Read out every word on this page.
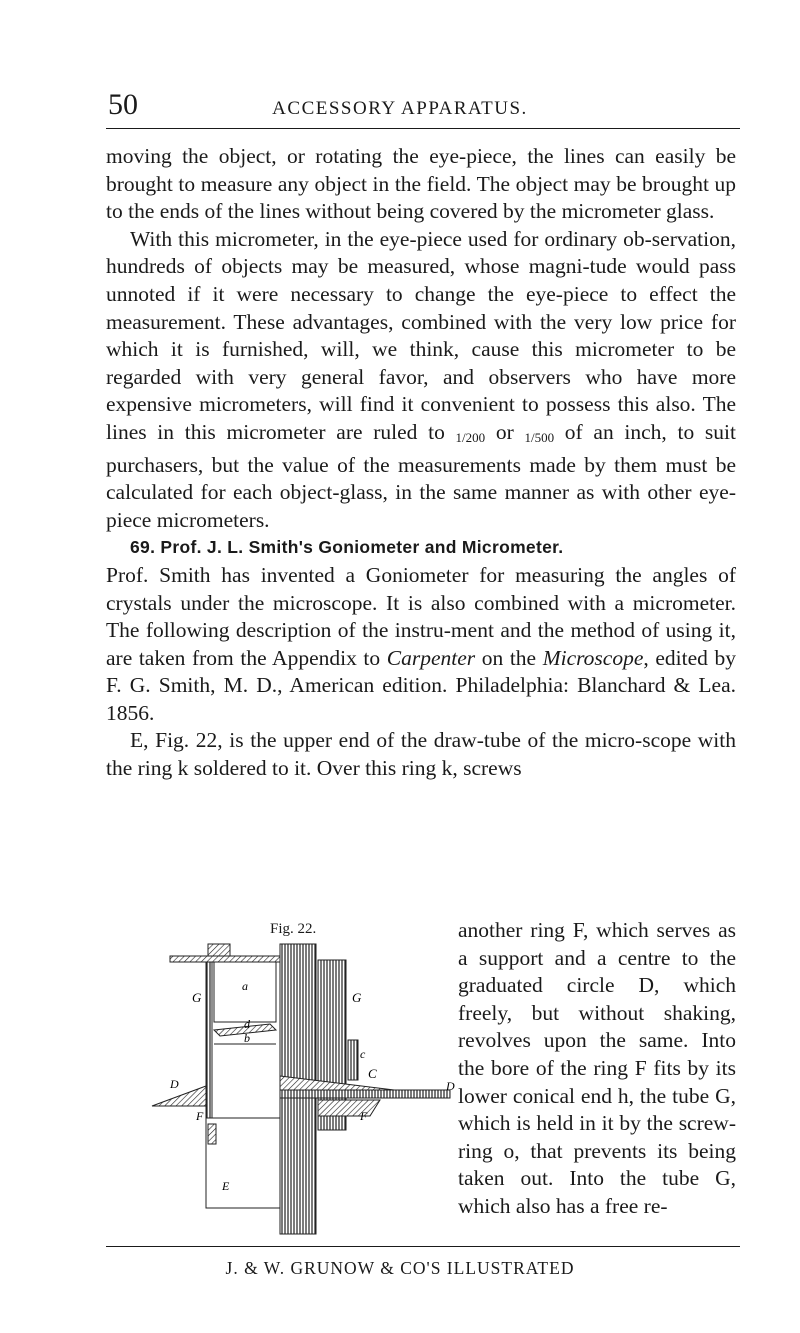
50	ACCESSORY APPARATUS.

moving the object, or rotating the eye-piece, the lines can easily be brought to measure any object in the field. The object may be brought up to the ends of the lines without being covered by the micrometer glass.

With this micrometer, in the eye-piece used for ordinary ob-servation, hundreds of objects may be measured, whose magni-tude would pass unnoted if it were necessary to change the eye-piece to effect the measurement. These advantages, combined with the very low price for which it is furnished, will, we think, cause this micrometer to be regarded with very general favor, and observers who have more expensive micrometers, will find it convenient to possess this also. The lines in this micrometer are ruled to 1/200 or 1/500 of an inch, to suit purchasers, but the value of the measurements made by them must be calculated for each object-glass, in the same manner as with other eye-piece micrometers.

69. Prof. J. L. Smith's Goniometer and Micrometer.

Prof. Smith has invented a Goniometer for measuring the angles of crystals under the microscope. It is also combined with a micrometer. The following description of the instru-ment and the method of using it, are taken from the Appendix to Carpenter on the Microscope, edited by F. G. Smith, M. D., American edition. Philadelphia: Blanchard & Lea. 1856.

E, Fig. 22, is the upper end of the draw-tube of the micro-scope with the ring k soldered to it. Over this ring k, screws

Fig. 22.	another ring F, which serves as a support and a centre to the graduated circle D, which freely, but without shaking, revolves upon the same. Into the bore of the ring F fits by its lower conical end h, the tube G, which is held in it by the screw-ring o, that prevents its being taken out. Into the tube G, which also has a free re-

G	G
a
d
b
c
C
D	D
F	F
E
J. & W. GRUNOW & CO'S ILLUSTRATED
